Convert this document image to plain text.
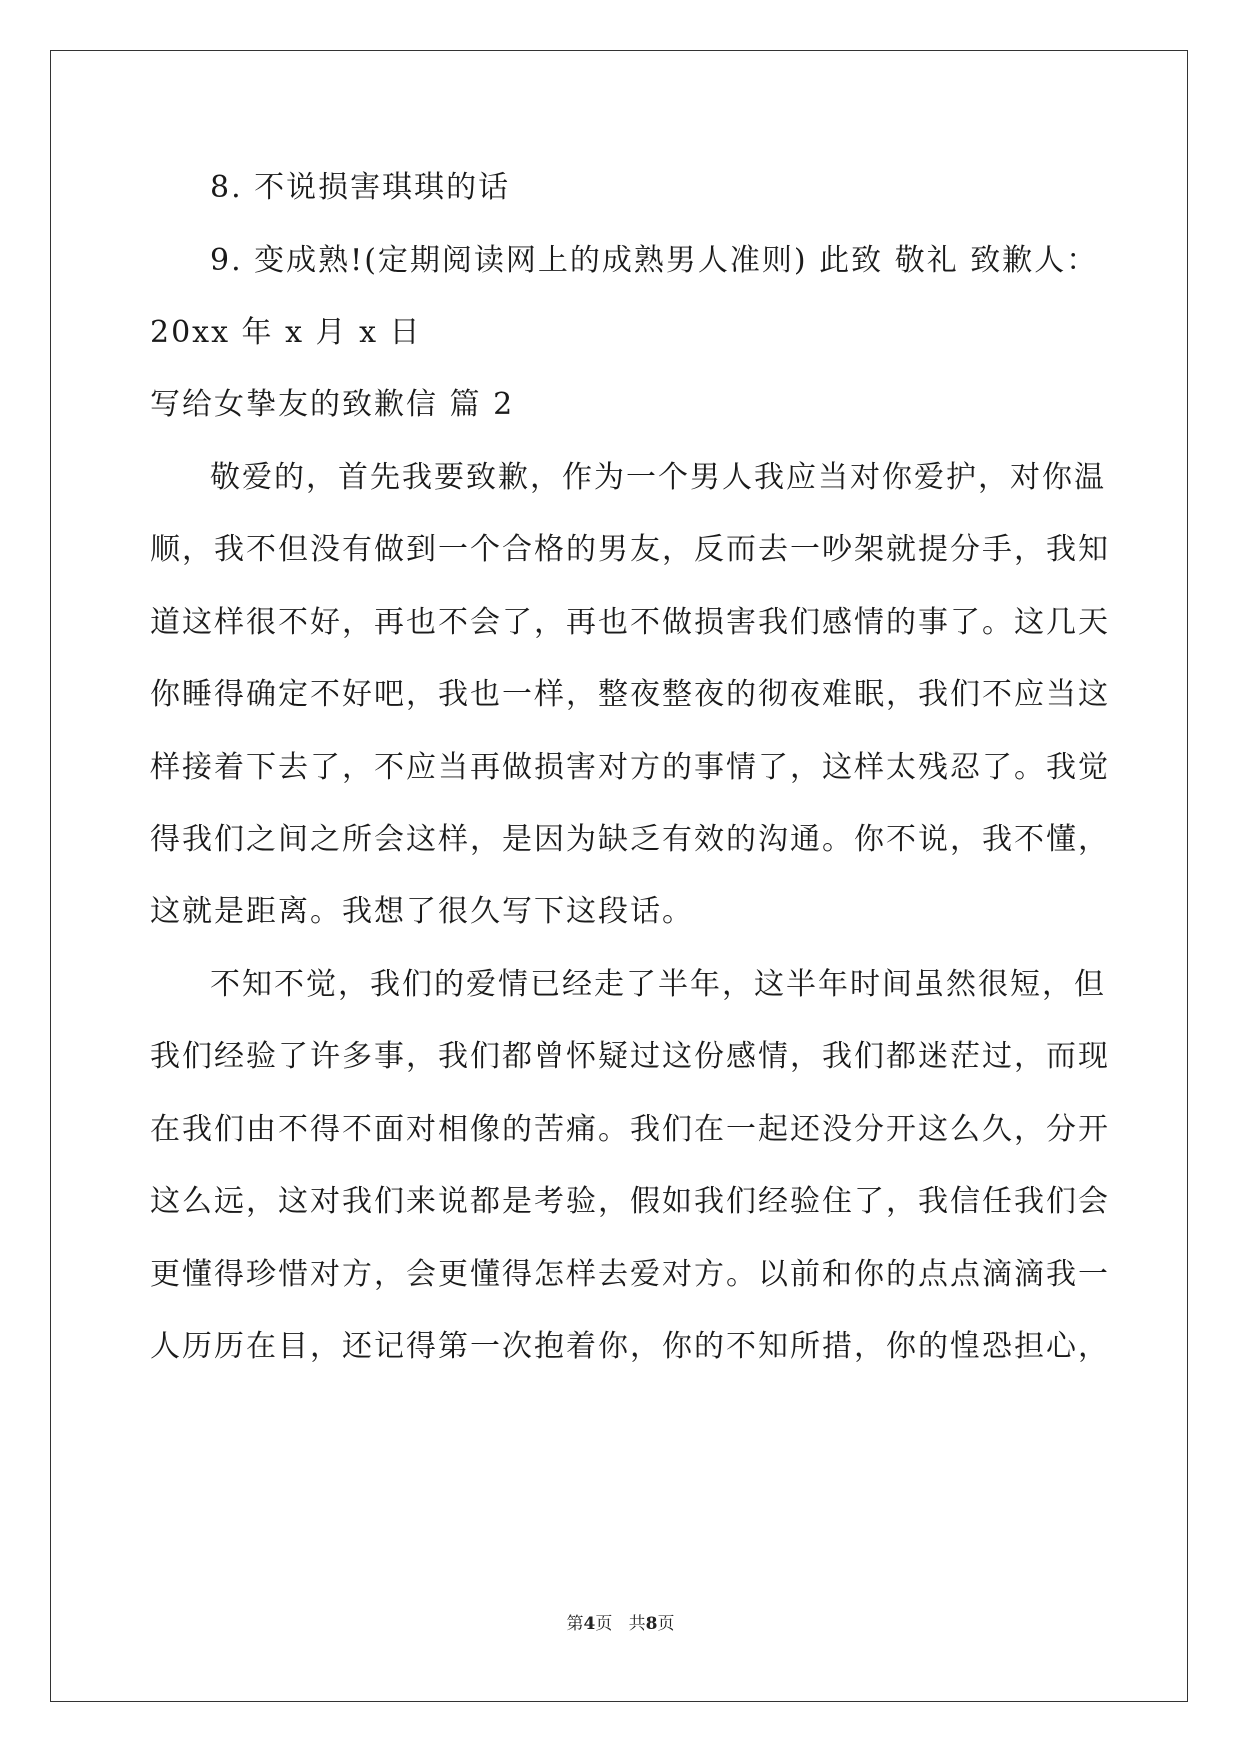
8. 不说损害琪琪的话
9. 变成熟!(定期阅读网上的成熟男人准则) 此致 敬礼 致歉人：
20xx 年 x 月 x 日
写给女挚友的致歉信 篇 2
敬爱的，首先我要致歉，作为一个男人我应当对你爱护，对你温
顺，我不但没有做到一个合格的男友，反而去一吵架就提分手，我知
道这样很不好，再也不会了，再也不做损害我们感情的事了。这几天
你睡得确定不好吧，我也一样，整夜整夜的彻夜难眠，我们不应当这
样接着下去了，不应当再做损害对方的事情了，这样太残忍了。我觉
得我们之间之所会这样，是因为缺乏有效的沟通。你不说，我不懂，
这就是距离。我想了很久写下这段话。
不知不觉，我们的爱情已经走了半年，这半年时间虽然很短，但
我们经验了许多事，我们都曾怀疑过这份感情，我们都迷茫过，而现
在我们由不得不面对相像的苦痛。我们在一起还没分开这么久，分开
这么远，这对我们来说都是考验，假如我们经验住了，我信任我们会
更懂得珍惜对方，会更懂得怎样去爱对方。以前和你的点点滴滴我一
人历历在目，还记得第一次抱着你，你的不知所措，你的惶恐担心，
第4页 共8页
